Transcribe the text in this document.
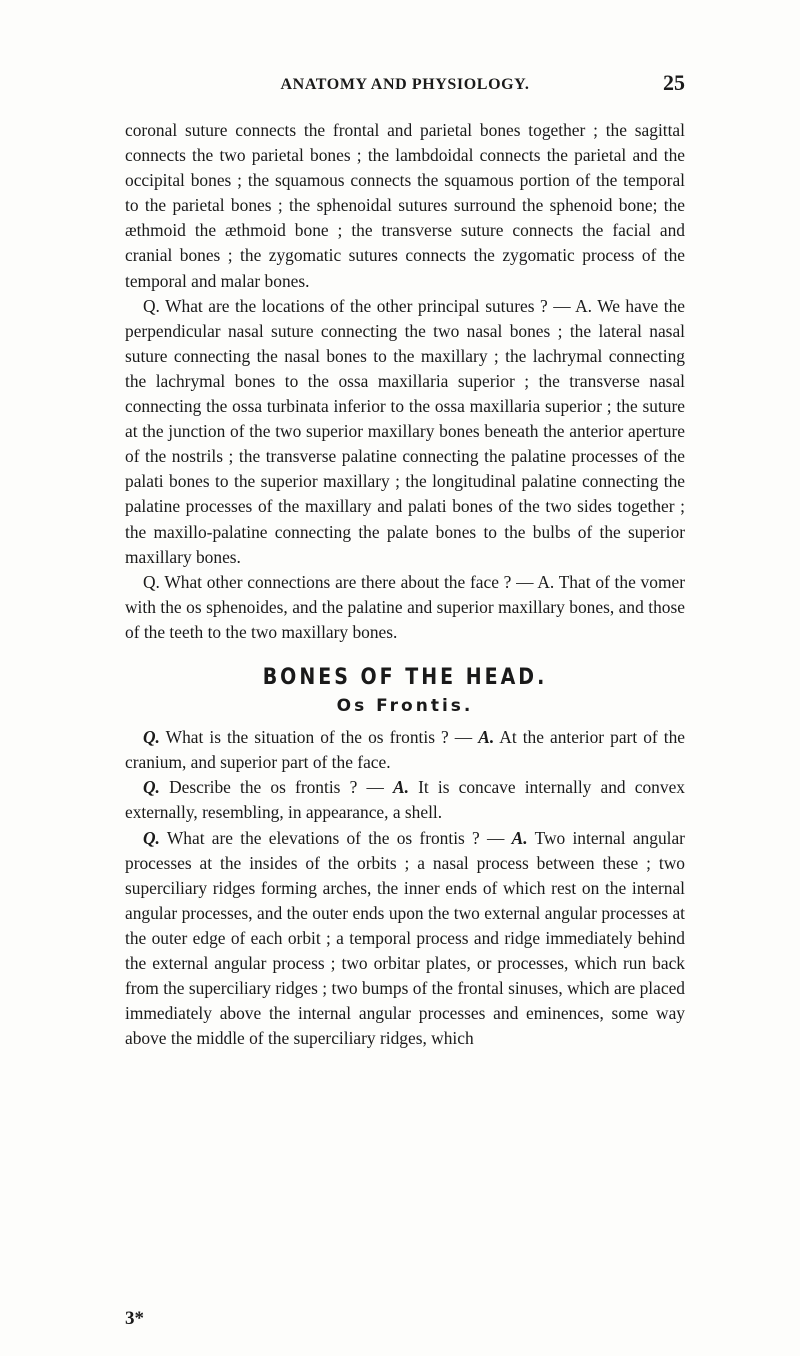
ANATOMY AND PHYSIOLOGY.	25

coronal suture connects the frontal and parietal bones together ; the sagittal connects the two parietal bones ; the lambdoidal connects the parietal and the occipital bones ; the squamous connects the squamous portion of the temporal to the parietal bones ; the sphenoidal sutures surround the sphenoid bone; the æthmoid the æthmoid bone ; the transverse suture connects the facial and cranial bones ; the zygomatic sutures connects the zygomatic process of the temporal and malar bones.

Q. What are the locations of the other principal sutures ? — A. We have the perpendicular nasal suture connecting the two nasal bones ; the lateral nasal suture connecting the nasal bones to the maxillary ; the lachrymal connecting the lachrymal bones to the ossa maxillaria superior ; the transverse nasal connecting the ossa turbinata inferior to the ossa maxillaria superior ; the suture at the junction of the two superior maxillary bones beneath the anterior aperture of the nostrils ; the transverse palatine connecting the palatine processes of the palati bones to the superior maxillary ; the longitudinal palatine connecting the palatine processes of the maxillary and palati bones of the two sides together ; the maxillo-palatine connecting the palate bones to the bulbs of the superior maxillary bones.

Q. What other connections are there about the face ? — A. That of the vomer with the os sphenoides, and the palatine and superior maxillary bones, and those of the teeth to the two maxillary bones.

BONES OF THE HEAD.
Os Frontis.

Q. What is the situation of the os frontis ? — A. At the anterior part of the cranium, and superior part of the face.

Q. Describe the os frontis ? — A. It is concave internally and convex externally, resembling, in appearance, a shell.

Q. What are the elevations of the os frontis ? — A. Two internal angular processes at the insides of the orbits ; a nasal process between these ; two superciliary ridges forming arches, the inner ends of which rest on the internal angular processes, and the outer ends upon the two external angular processes at the outer edge of each orbit ; a temporal process and ridge immediately behind the external angular process ; two orbitar plates, or processes, which run back from the superciliary ridges ; two bumps of the frontal sinuses, which are placed immediately above the internal angular processes and eminences, some way above the middle of the superciliary ridges, which

3*
